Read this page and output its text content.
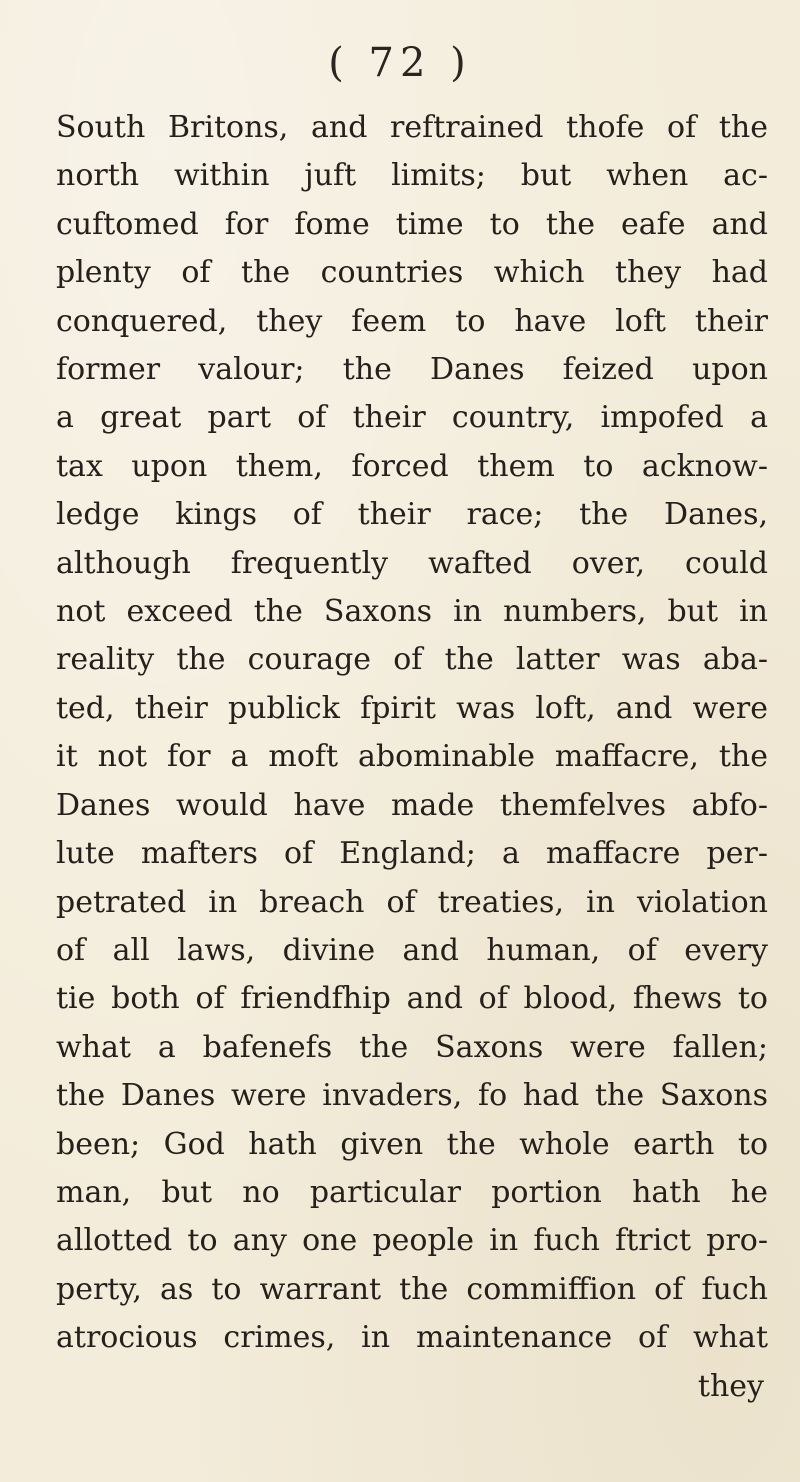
( 72 )
South Britons, and reftrained thofe of the
north within juft limits; but when ac-
cuftomed for fome time to the eafe and
plenty of the countries which they had
conquered, they feem to have loft their
former valour; the Danes feized upon
a great part of their country, impofed a
tax upon them, forced them to acknow-
ledge kings of their race; the Danes,
although frequently wafted over, could
not exceed the Saxons in numbers, but in
reality the courage of the latter was aba-
ted, their publick fpirit was loft, and were
it not for a moft abominable maffacre, the
Danes would have made themfelves abfo-
lute mafters of England; a maffacre per-
petrated in breach of treaties, in violation
of all laws, divine and human, of every
tie both of friendfhip and of blood, fhews to
what a bafenefs the Saxons were fallen;
the Danes were invaders, fo had the Saxons
been; God hath given the whole earth to
man, but no particular portion hath he
allotted to any one people in fuch ftrict pro-
perty, as to warrant the commiffion of fuch
atrocious crimes, in maintenance of what
they
